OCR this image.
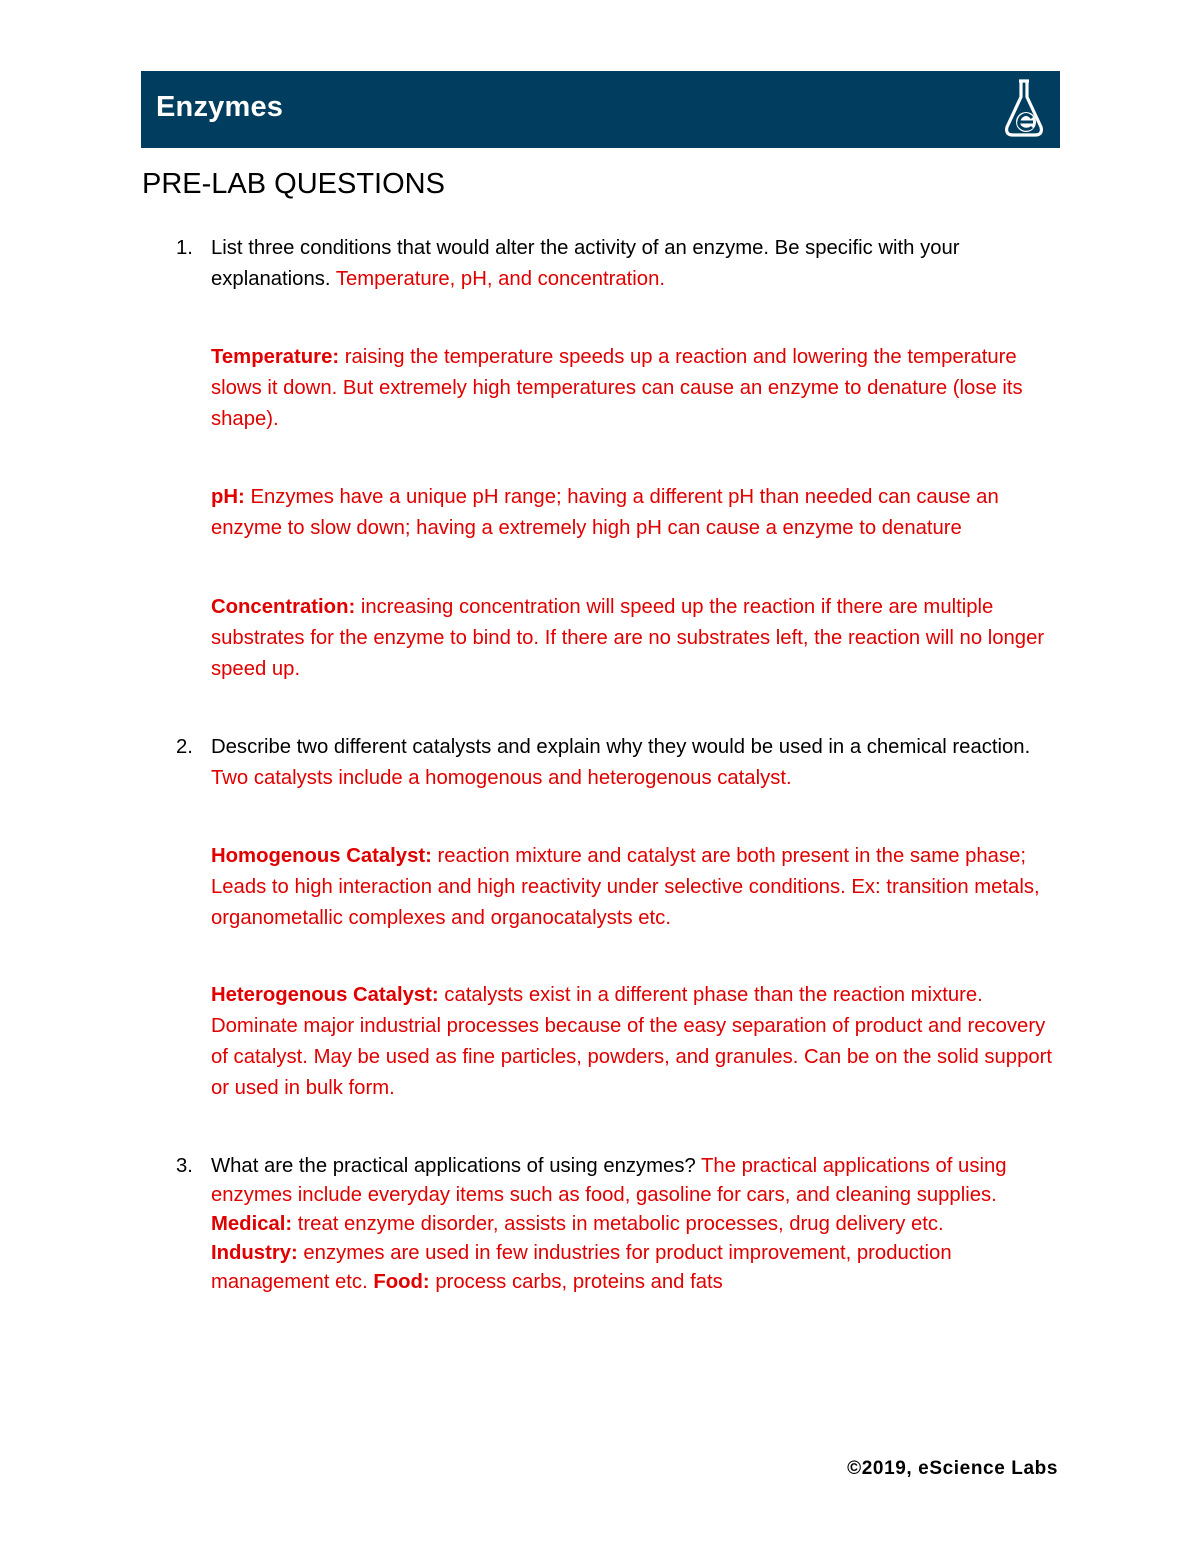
Enzymes
PRE-LAB QUESTIONS
1. List three conditions that would alter the activity of an enzyme. Be specific with your explanations. Temperature, pH, and concentration.
Temperature: raising the temperature speeds up a reaction and lowering the temperature slows it down. But extremely high temperatures can cause an enzyme to denature (lose its shape).
pH: Enzymes have a unique pH range; having a different pH than needed can cause an enzyme to slow down; having a extremely high pH can cause a enzyme to denature
Concentration: increasing concentration will speed up the reaction if there are multiple substrates for the enzyme to bind to. If there are no substrates left, the reaction will no longer speed up.
2. Describe two different catalysts and explain why they would be used in a chemical reaction. Two catalysts include a homogenous and heterogenous catalyst.
Homogenous Catalyst: reaction mixture and catalyst are both present in the same phase; Leads to high interaction and high reactivity under selective conditions. Ex: transition metals, organometallic complexes and organocatalysts etc.
Heterogenous Catalyst: catalysts exist in a different phase than the reaction mixture. Dominate major industrial processes because of the easy separation of product and recovery of catalyst. May be used as fine particles, powders, and granules. Can be on the solid support or used in bulk form.
3. What are the practical applications of using enzymes? The practical applications of using enzymes include everyday items such as food, gasoline for cars, and cleaning supplies.
Medical: treat enzyme disorder, assists in metabolic processes, drug delivery etc.
Industry: enzymes are used in few industries for product improvement, production management etc. Food: process carbs, proteins and fats
©2019, eScience Labs
